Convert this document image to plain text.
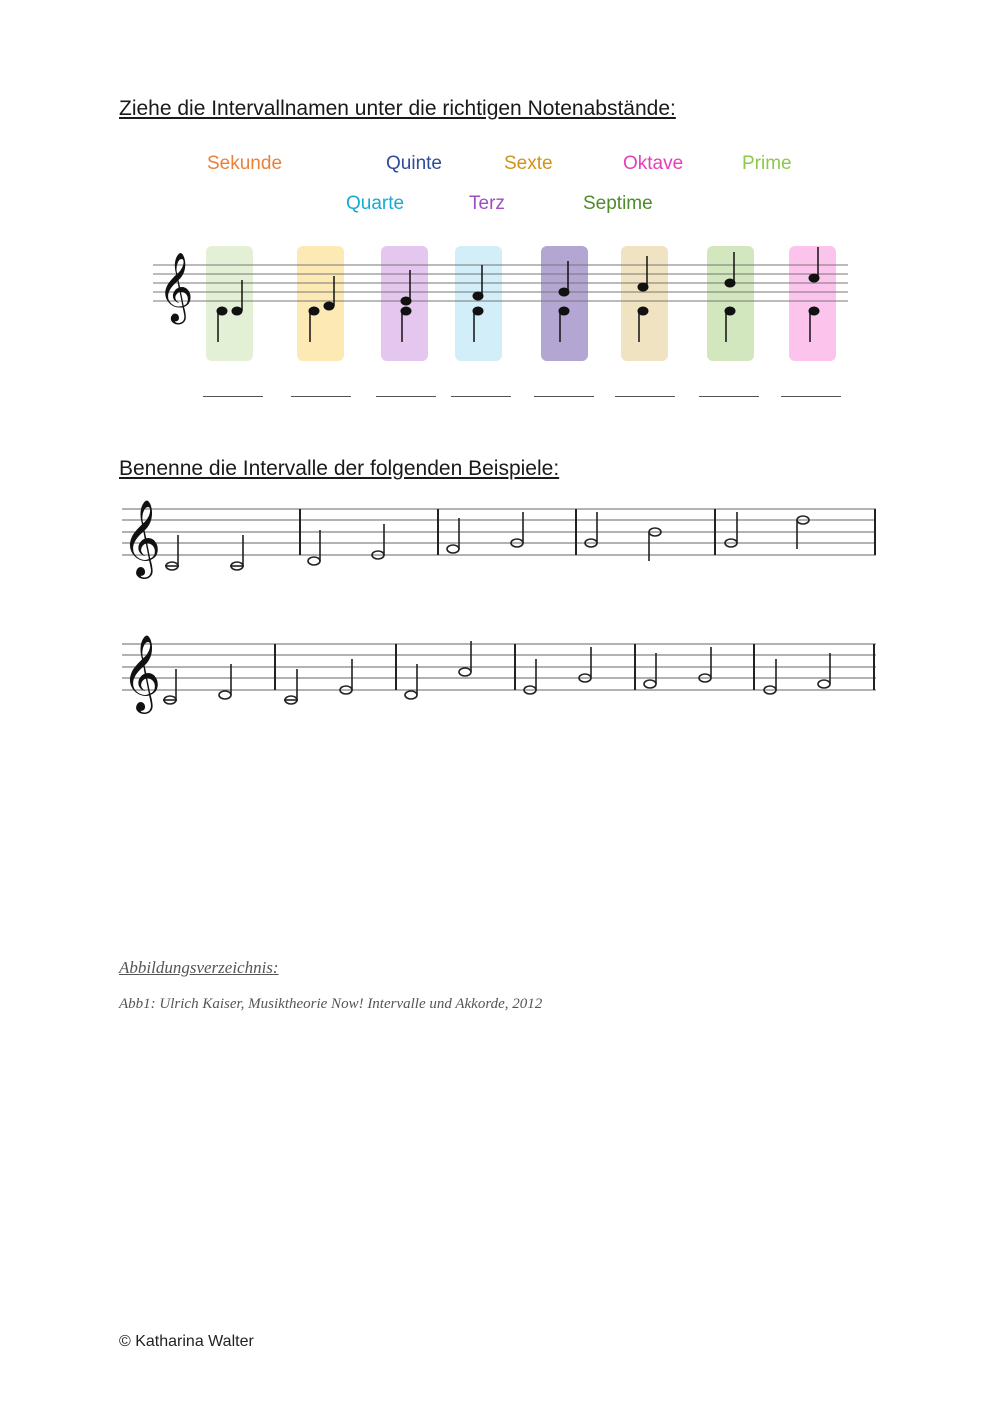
Ziehe die Intervallnamen unter die richtigen Notenabstände:
Sekunde	Quinte	Sexte	Oktave	Prime
Quarte	Terz	Septime
𝄞
Benenne die Intervalle der folgenden Beispiele:
𝄞
𝄞
Abbildungsverzeichnis:
Abb1: Ulrich Kaiser, Musiktheorie Now! Intervalle und Akkorde, 2012
© Katharina Walter
